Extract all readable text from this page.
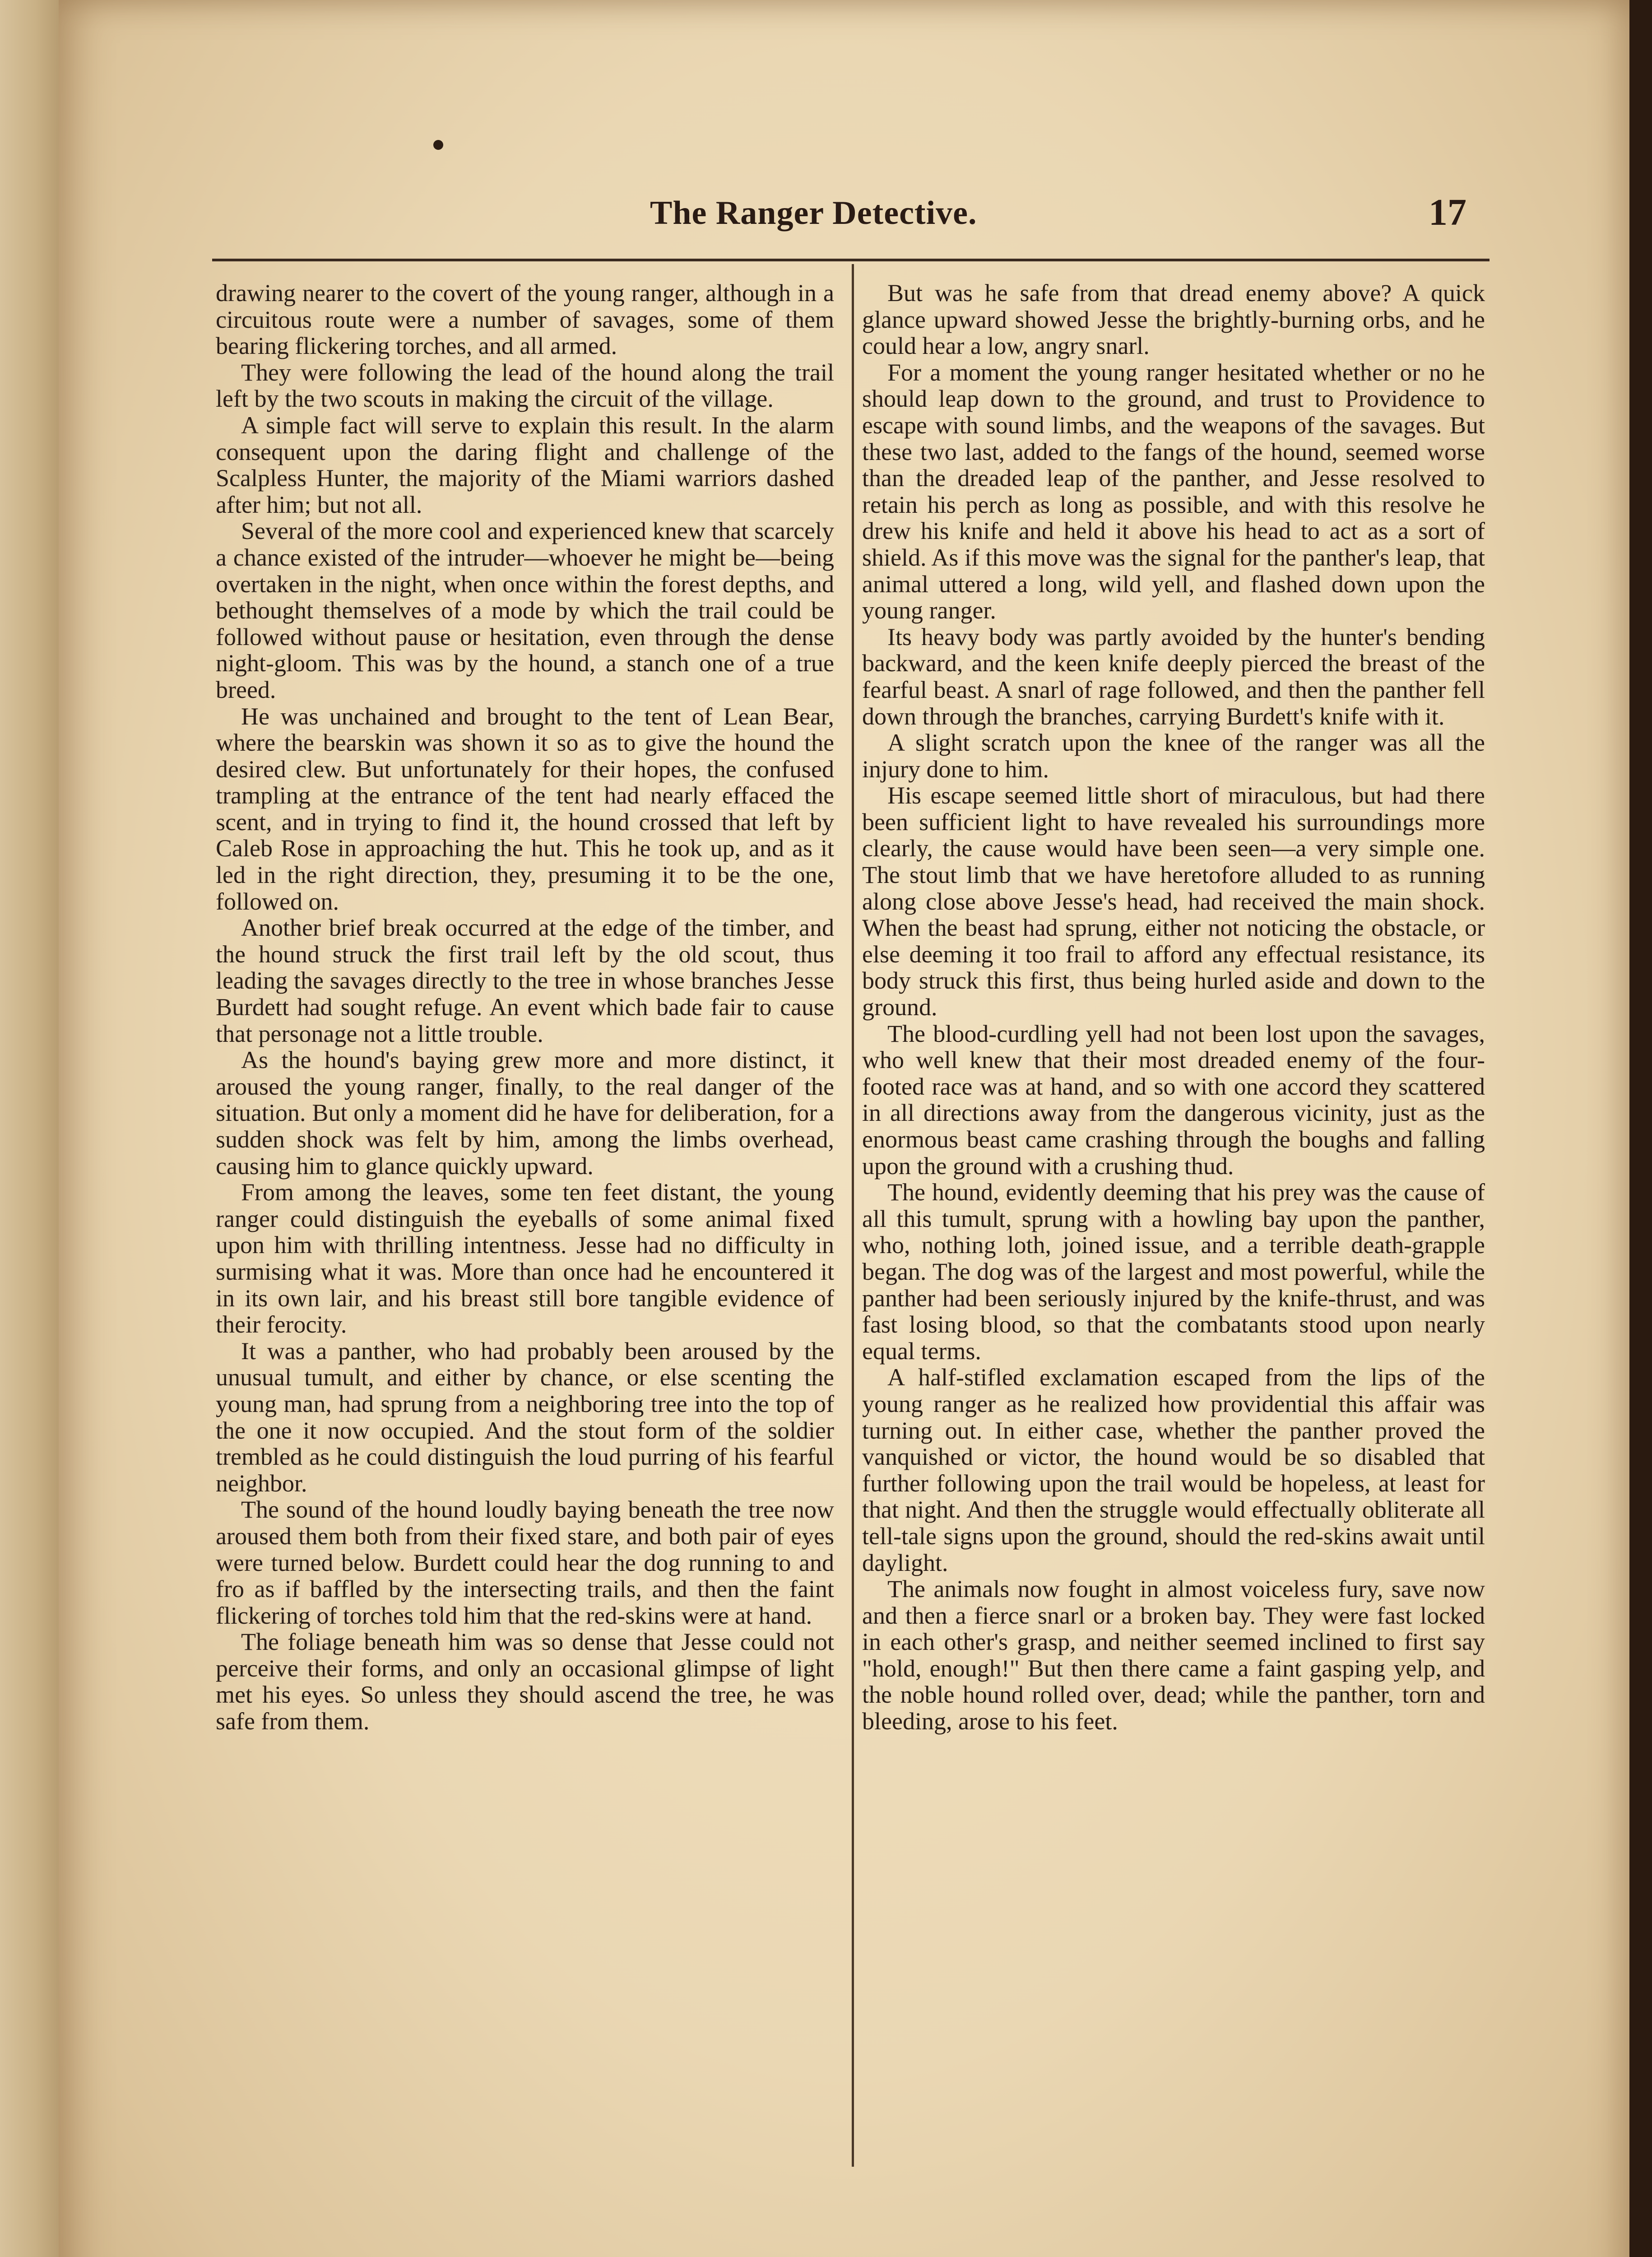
The Ranger Detective.	17

drawing nearer to the covert of the young ranger, although in a circuitous route were a number of savages, some of them bearing flickering torches, and all armed.

They were following the lead of the hound along the trail left by the two scouts in making the circuit of the village.

A simple fact will serve to explain this result. In the alarm consequent upon the daring flight and challenge of the Scalpless Hunter, the majority of the Miami warriors dashed after him; but not all.

Several of the more cool and experienced knew that scarcely a chance existed of the intruder—whoever he might be—being overtaken in the night, when once within the forest depths, and bethought themselves of a mode by which the trail could be followed without pause or hesitation, even through the dense night-gloom. This was by the hound, a stanch one of a true breed.

He was unchained and brought to the tent of Lean Bear, where the bearskin was shown it so as to give the hound the desired clew. But unfortunately for their hopes, the confused trampling at the entrance of the tent had nearly effaced the scent, and in trying to find it, the hound crossed that left by Caleb Rose in approaching the hut. This he took up, and as it led in the right direction, they, presuming it to be the one, followed on.

Another brief break occurred at the edge of the timber, and the hound struck the first trail left by the old scout, thus leading the savages directly to the tree in whose branches Jesse Burdett had sought refuge. An event which bade fair to cause that personage not a little trouble.

As the hound's baying grew more and more distinct, it aroused the young ranger, finally, to the real danger of the situation. But only a moment did he have for deliberation, for a sudden shock was felt by him, among the limbs overhead, causing him to glance quickly upward.

From among the leaves, some ten feet distant, the young ranger could distinguish the eyeballs of some animal fixed upon him with thrilling intentness. Jesse had no difficulty in surmising what it was. More than once had he encountered it in its own lair, and his breast still bore tangible evidence of their ferocity.

It was a panther, who had probably been aroused by the unusual tumult, and either by chance, or else scenting the young man, had sprung from a neighboring tree into the top of the one it now occupied. And the stout form of the soldier trembled as he could distinguish the loud purring of his fearful neighbor.

The sound of the hound loudly baying beneath the tree now aroused them both from their fixed stare, and both pair of eyes were turned below. Burdett could hear the dog running to and fro as if baffled by the intersecting trails, and then the faint flickering of torches told him that the red-skins were at hand.

The foliage beneath him was so dense that Jesse could not perceive their forms, and only an occasional glimpse of light met his eyes. So unless they should ascend the tree, he was safe from them.

But was he safe from that dread enemy above? A quick glance upward showed Jesse the brightly-burning orbs, and he could hear a low, angry snarl.

For a moment the young ranger hesitated whether or no he should leap down to the ground, and trust to Providence to escape with sound limbs, and the weapons of the savages. But these two last, added to the fangs of the hound, seemed worse than the dreaded leap of the panther, and Jesse resolved to retain his perch as long as possible, and with this resolve he drew his knife and held it above his head to act as a sort of shield. As if this move was the signal for the panther's leap, that animal uttered a long, wild yell, and flashed down upon the young ranger.

Its heavy body was partly avoided by the hunter's bending backward, and the keen knife deeply pierced the breast of the fearful beast. A snarl of rage followed, and then the panther fell down through the branches, carrying Burdett's knife with it.

A slight scratch upon the knee of the ranger was all the injury done to him.

His escape seemed little short of miraculous, but had there been sufficient light to have revealed his surroundings more clearly, the cause would have been seen—a very simple one. The stout limb that we have heretofore alluded to as running along close above Jesse's head, had received the main shock. When the beast had sprung, either not noticing the obstacle, or else deeming it too frail to afford any effectual resistance, its body struck this first, thus being hurled aside and down to the ground.

The blood-curdling yell had not been lost upon the savages, who well knew that their most dreaded enemy of the four-footed race was at hand, and so with one accord they scattered in all directions away from the dangerous vicinity, just as the enormous beast came crashing through the boughs and falling upon the ground with a crushing thud.

The hound, evidently deeming that his prey was the cause of all this tumult, sprung with a howling bay upon the panther, who, nothing loth, joined issue, and a terrible death-grapple began. The dog was of the largest and most powerful, while the panther had been seriously injured by the knife-thrust, and was fast losing blood, so that the combatants stood upon nearly equal terms.

A half-stifled exclamation escaped from the lips of the young ranger as he realized how providential this affair was turning out. In either case, whether the panther proved the vanquished or victor, the hound would be so disabled that further following upon the trail would be hopeless, at least for that night. And then the struggle would effectually obliterate all tell-tale signs upon the ground, should the red-skins await until daylight.

The animals now fought in almost voiceless fury, save now and then a fierce snarl or a broken bay. They were fast locked in each other's grasp, and neither seemed inclined to first say "hold, enough!" But then there came a faint gasping yelp, and the noble hound rolled over, dead; while the panther, torn and bleeding, arose to his feet.
